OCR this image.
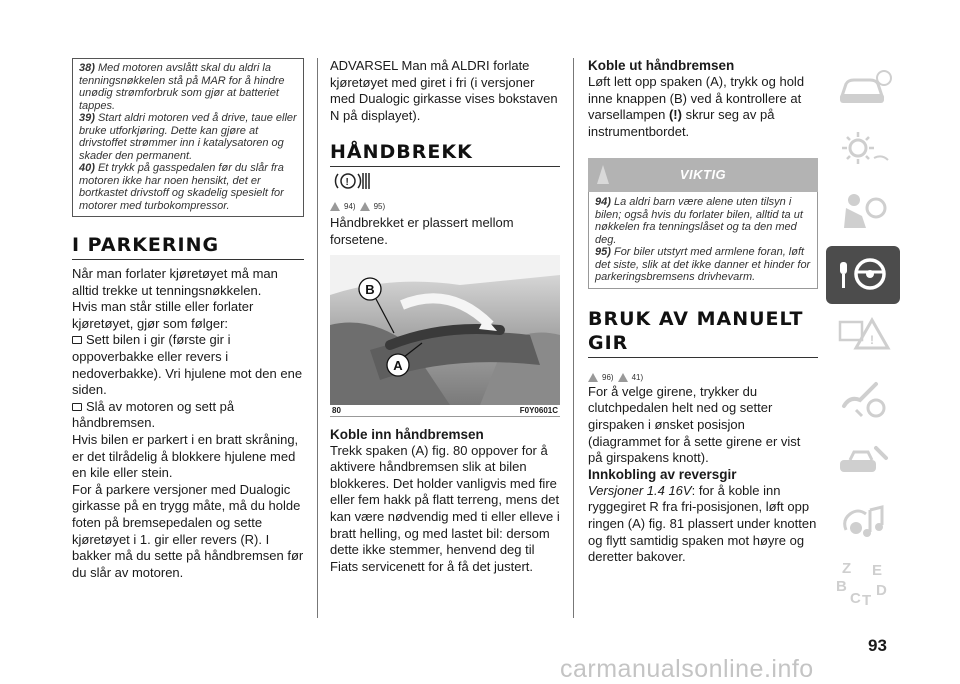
38) Med motoren avslått skal du aldri la tenningsnøkkelen stå på MAR for å hindre unødig strømforbruk som gjør at batteriet tappes.

39) Start aldri motoren ved å drive, taue eller bruke utforkjøring. Dette kan gjøre at drivstoffet strømmer inn i katalysatoren og skader den permanent.

40) Et trykk på gasspedalen før du slår fra motoren ikke har noen hensikt, det er bortkastet drivstoff og skadelig spesielt for motorer med turbokompressor.

I PARKERING

Når man forlater kjøretøyet må man alltid trekke ut tenningsnøkkelen.

Hvis man står stille eller forlater kjøretøyet, gjør som følger:

Sett bilen i gir (første gir i oppoverbakke eller revers i nedoverbakke). Vri hjulene mot den ene siden.

Slå av motoren og sett på håndbremsen.

Hvis bilen er parkert i en bratt skråning, er det tilrådelig å blokkere hjulene med en kile eller stein.

For å parkere versjoner med Dualogic girkasse på en trygg måte, må du holde foten på bremsepedalen og sette kjøretøyet i 1. gir eller revers (R). I bakker må du sette på håndbremsen før du slår av motoren.

ADVARSEL Man må ALDRI forlate kjøretøyet med giret i fri (i versjoner med Dualogic girkasse vises bokstaven N på displayet).

HÅNDBREKK
!
94) 95)

Håndbrekket er plassert mellom forsetene.

B
A
80	F0Y0601C
Koble inn håndbremsen

Trekk spaken (A) fig. 80 oppover for å aktivere håndbremsen slik at bilen blokkeres. Det holder vanligvis med fire eller fem hakk på flatt terreng, mens det kan være nødvendig med ti eller elleve i bratt helling, og med lastet bil: dersom dette ikke stemmer, henvend deg til Fiats servicenett for å få det justert.

Koble ut håndbremsen

Løft lett opp spaken (A), trykk og hold inne knappen (B) ved å kontrollere at varsellampen (!) skrur seg av på instrumentbordet.

VIKTIG

94) La aldri barn være alene uten tilsyn i bilen; også hvis du forlater bilen, alltid ta ut nøkkelen fra tenningslåset og ta den med deg.

95) For biler utstyrt med armlene foran, løft det siste, slik at det ikke danner et hinder for parkeringsbremsens drivhevarm.

BRUK AV MANUELT GIR
96) 41)

For å velge girene, trykker du clutchpedalen helt ned og setter girspaken i ønsket posisjon (diagrammet for å sette girene er vist på girspakens knott).

Innkobling av reversgir

Versjoner 1.4 16V: for å koble inn ryggegiret R fra fri-posisjonen, løft opp ringen (A) fig. 81 plassert under knotten og flytt samtidig spaken mot høyre og deretter bakover.

!
Z E
B
C T
D
93
carmanualsonline.info
